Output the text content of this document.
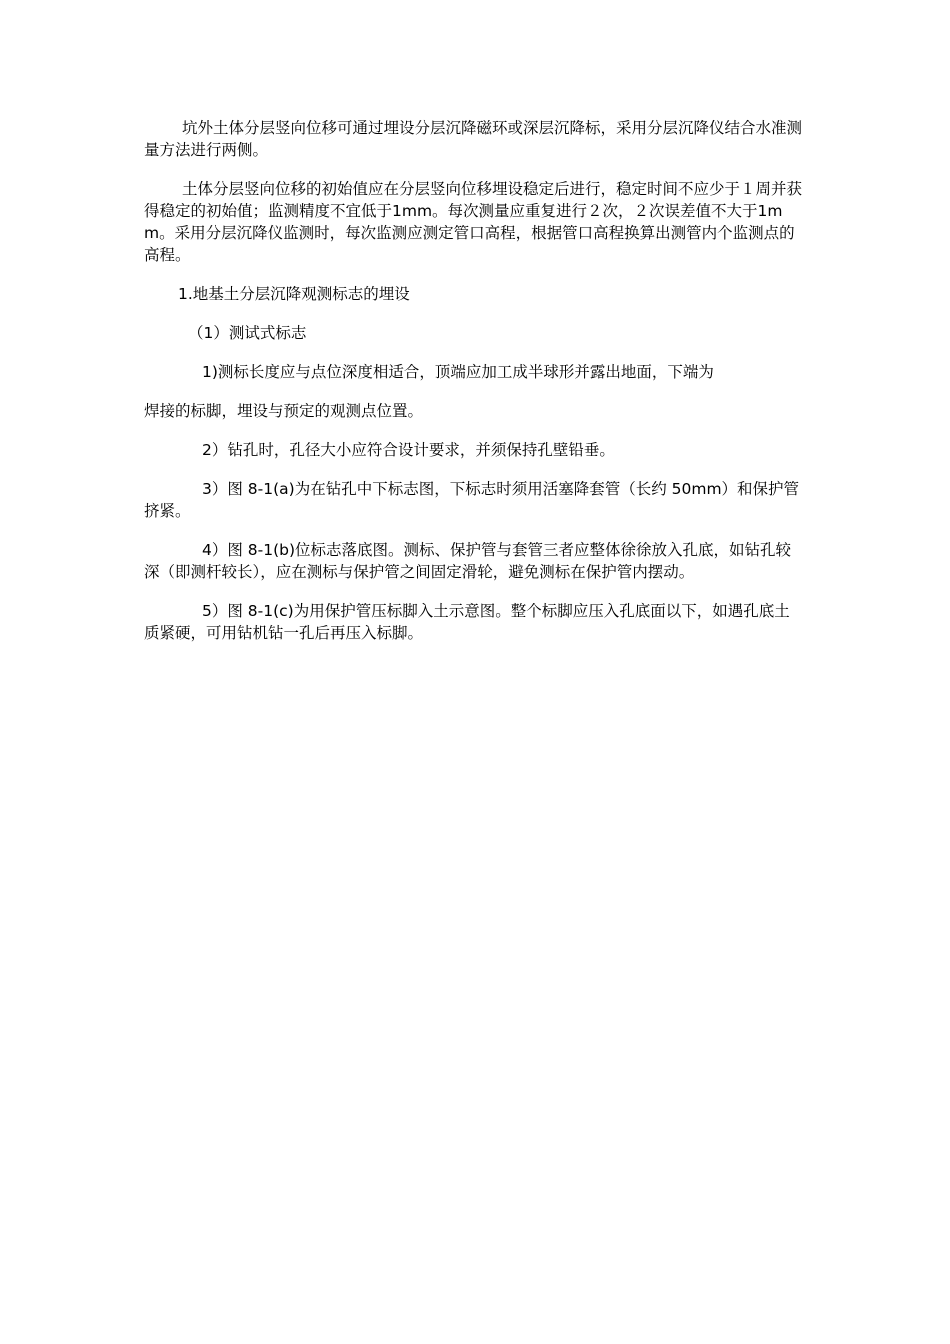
坑外土体分层竖向位移可通过埋设分层沉降磁环或深层沉降标，采用分层沉降仪结合水准测量方法进行两侧。

土体分层竖向位移的初始值应在分层竖向位移埋设稳定后进行，稳定时间不应少于１周并获得稳定的初始值；监测精度不宜低于1mm。每次测量应重复进行２次，２次误差值不大于1mm。采用分层沉降仪监测时，每次监测应测定管口高程，根据管口高程换算出测管内个监测点的高程。

1.地基土分层沉降观测标志的埋设

（1）测试式标志

1)测标长度应与点位深度相适合，顶端应加工成半球形并露出地面，下端为

焊接的标脚，埋设与预定的观测点位置。

2）钻孔时，孔径大小应符合设计要求，并须保持孔壁铅垂。

3）图 8-1(a)为在钻孔中下标志图，下标志时须用活塞降套管（长约 50mm）和保护管挤紧。

4）图 8-1(b)位标志落底图。测标、保护管与套管三者应整体徐徐放入孔底，如钻孔较深（即测杆较长），应在测标与保护管之间固定滑轮，避免测标在保护管内摆动。

5）图 8-1(c)为用保护管压标脚入土示意图。整个标脚应压入孔底面以下，如遇孔底土质紧硬，可用钻机钻一孔后再压入标脚。
